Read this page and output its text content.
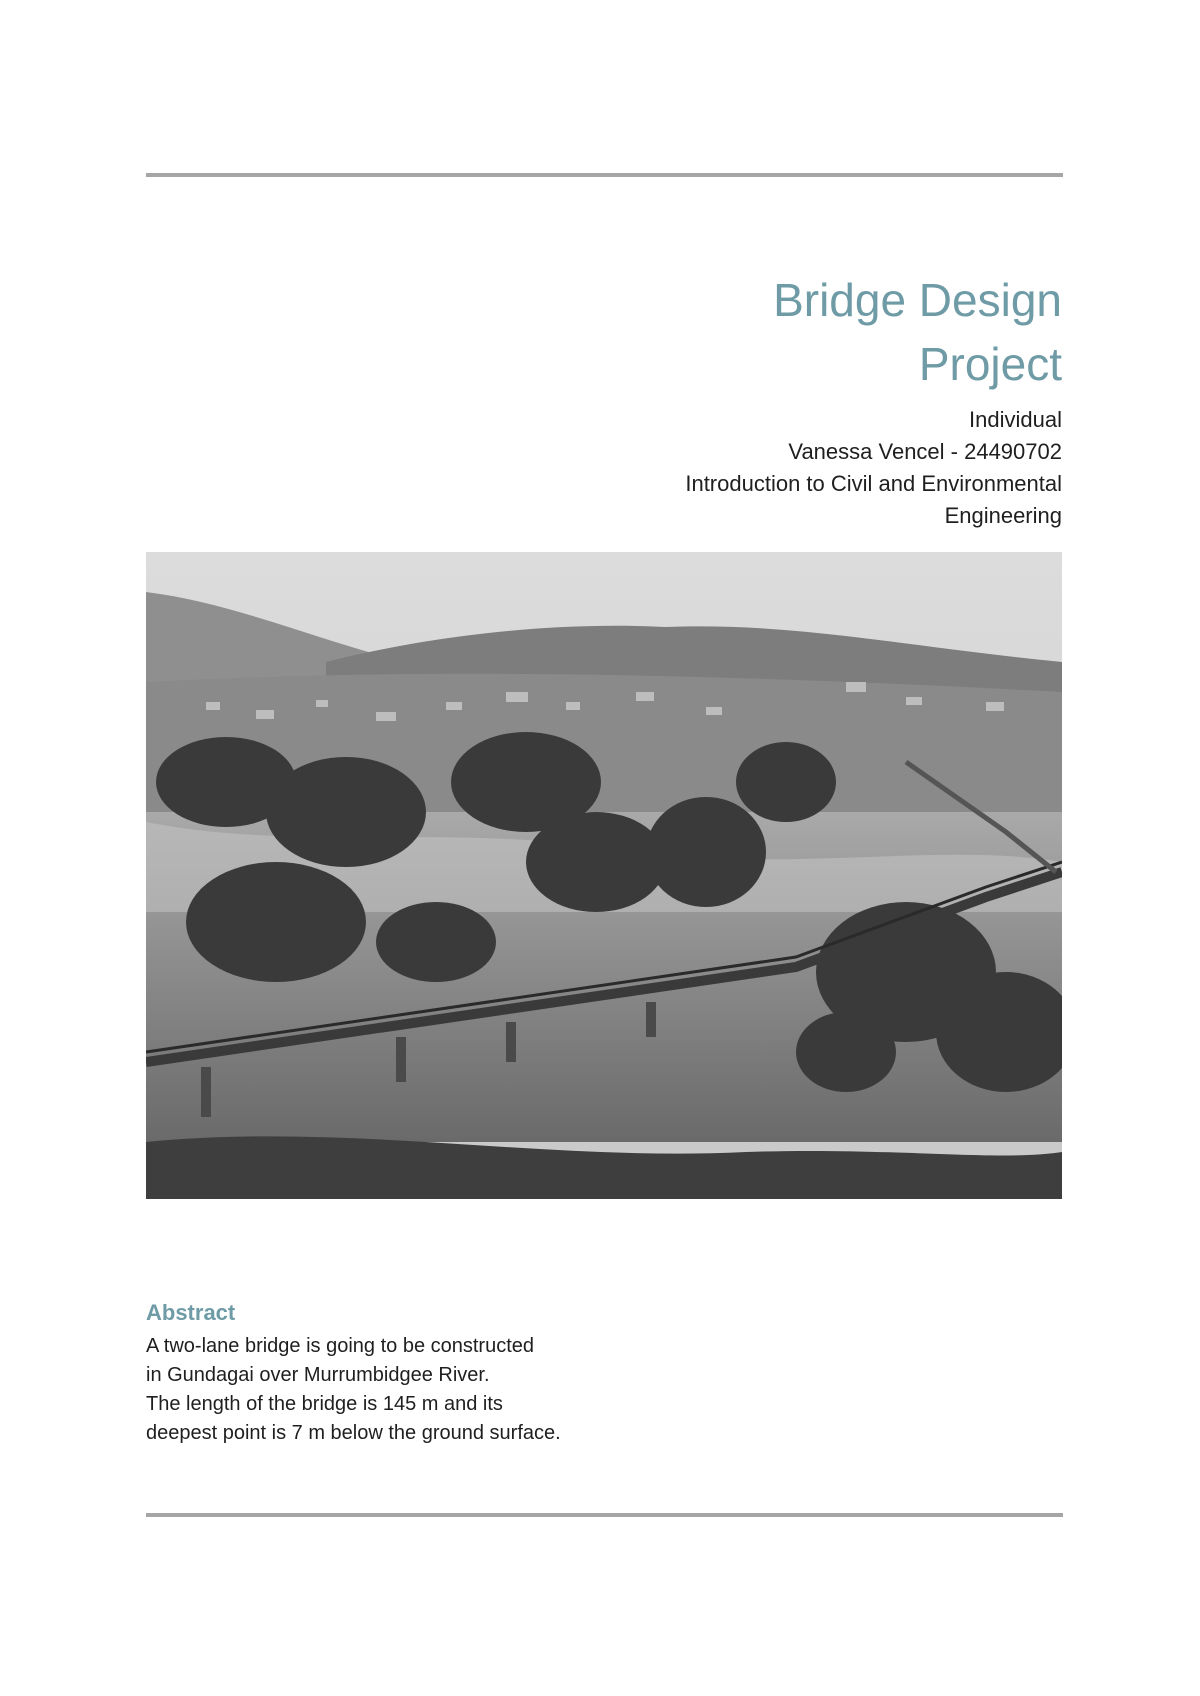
Bridge Design
Project
Individual
Vanessa Vencel - 24490702
Introduction to Civil and Environmental
Engineering
Abstract

A two-lane bridge is going to be constructed
in Gundagai over Murrumbidgee River.
The length of the bridge is 145 m and its
deepest point is 7 m below the ground surface.
